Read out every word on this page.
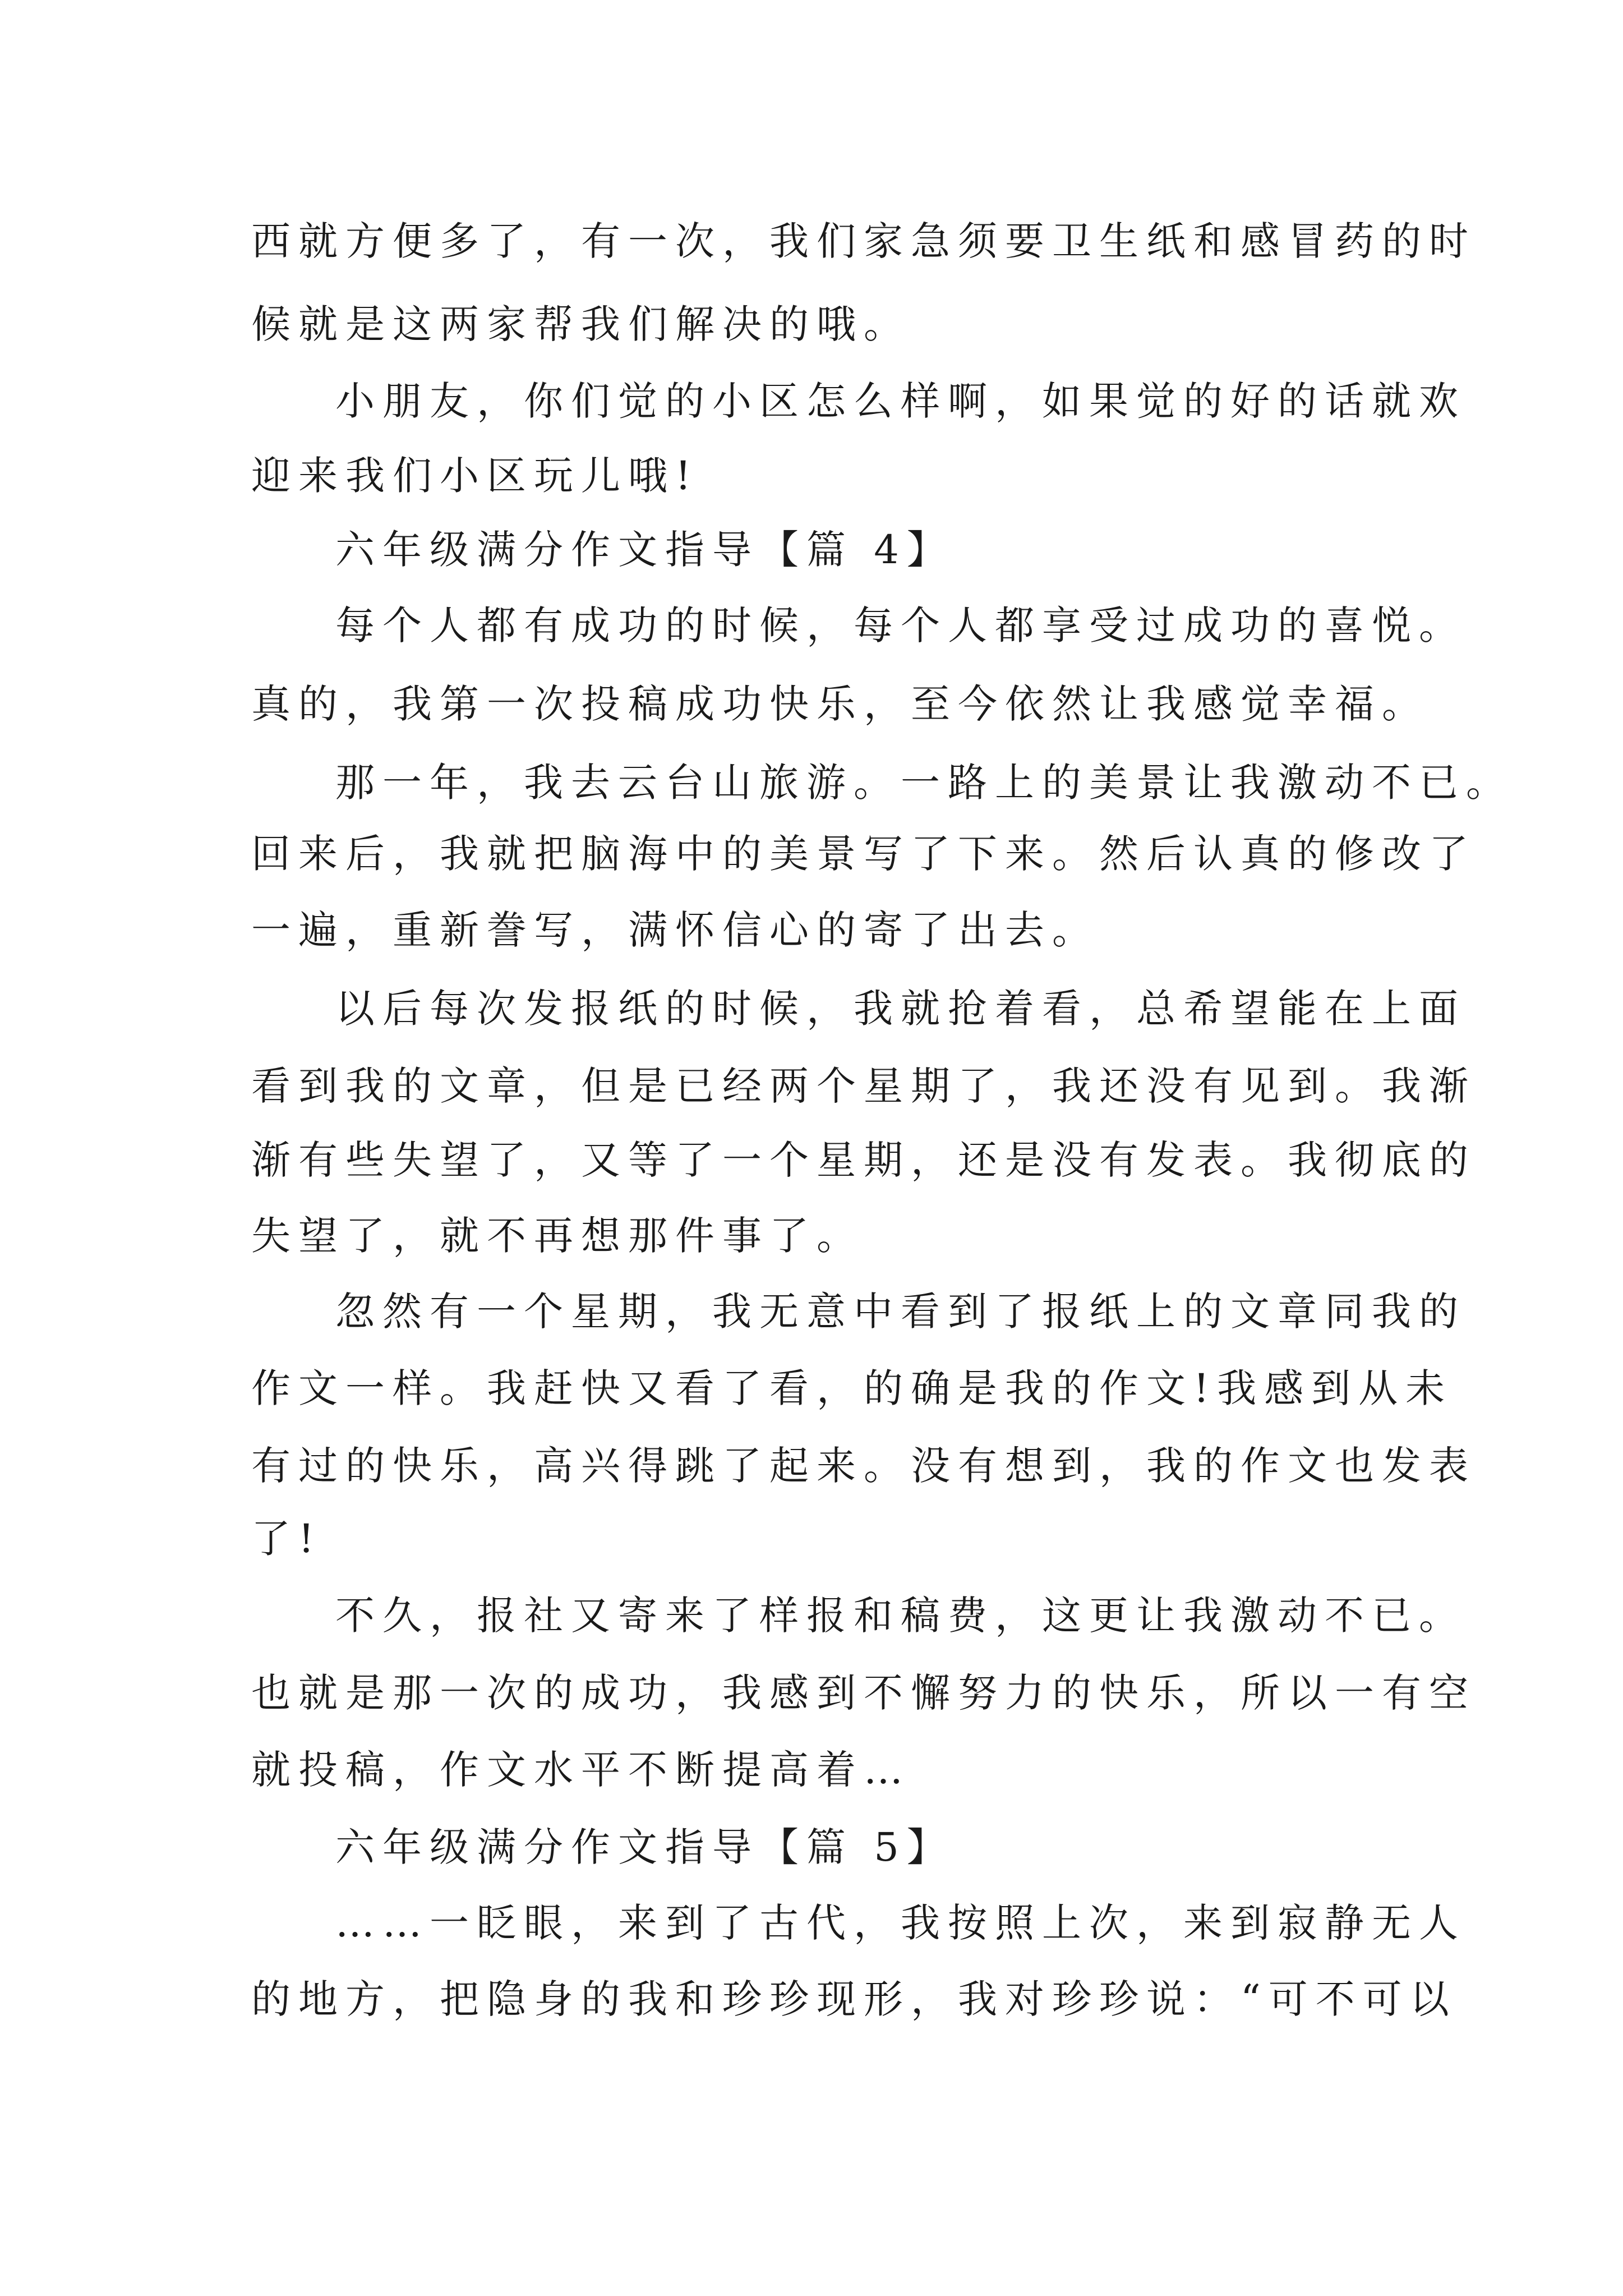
西就方便多了，有一次，我们家急须要卫生纸和感冒药的时
候就是这两家帮我们解决的哦。
小朋友，你们觉的小区怎么样啊，如果觉的好的话就欢
迎来我们小区玩儿哦!
六年级满分作文指导【篇 4】
每个人都有成功的时候，每个人都享受过成功的喜悦。
真的，我第一次投稿成功快乐，至今依然让我感觉幸福。
那一年，我去云台山旅游。一路上的美景让我激动不已。
回来后，我就把脑海中的美景写了下来。然后认真的修改了
一遍，重新誊写，满怀信心的寄了出去。
以后每次发报纸的时候，我就抢着看，总希望能在上面
看到我的文章，但是已经两个星期了，我还没有见到。我渐
渐有些失望了，又等了一个星期，还是没有发表。我彻底的
失望了，就不再想那件事了。
忽然有一个星期，我无意中看到了报纸上的文章同我的
作文一样。我赶快又看了看，的确是我的作文!我感到从未
有过的快乐，高兴得跳了起来。没有想到，我的作文也发表
了!
不久，报社又寄来了样报和稿费，这更让我激动不已。
也就是那一次的成功，我感到不懈努力的快乐，所以一有空
就投稿，作文水平不断提高着…
六年级满分作文指导【篇 5】
……一眨眼，来到了古代，我按照上次，来到寂静无人
的地方，把隐身的我和珍珍现形，我对珍珍说：“可不可以
